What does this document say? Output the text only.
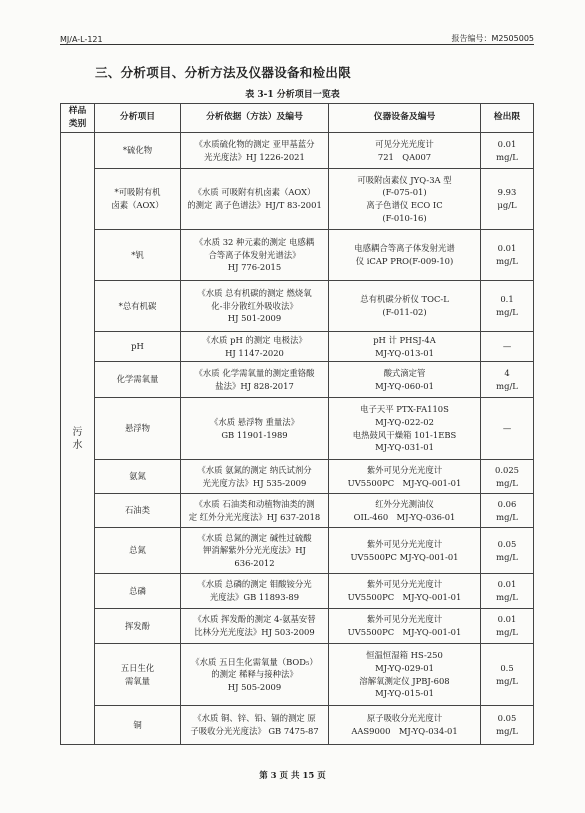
MJ/A-L-121	报告编号：M2505005
三、分析项目、分析方法及仪器设备和检出限
表 3-1 分析项目一览表
样品
类别	分析项目	分析依据（方法）及编号	仪器设备及编号	检出限

污
水	*硫化物	《水质硫化物的测定 亚甲基蓝分
光光度法》HJ 1226-2021	可见分光光度计
721　QA007	0.01
mg/L

	*可吸附有机
卤素（AOX）	《水质 可吸附有机卤素（AOX）
的测定 离子色谱法》HJ/T 83-2001	可吸附卤素仪 JYQ-3A 型
(F-075-01)
离子色谱仪 ECO IC
(F-010-16)	9.93
μg/L

	*钒	《水质 32 种元素的测定 电感耦
合等离子体发射光谱法》
HJ 776-2015	电感耦合等离子体发射光谱
仪 iCAP PRO(F-009-10)	0.01
mg/L

	*总有机碳	《水质 总有机碳的测定 燃烧氧
化-非分散红外吸收法》
HJ 501-2009	总有机碳分析仪 TOC-L
(F-011-02)	0.1
mg/L

	pH	《水质 pH 的测定 电极法》
HJ 1147-2020	pH 计 PHSJ-4A
MJ-YQ-013-01	—

	化学需氧量	《水质 化学需氧量的测定重铬酸
盐法》HJ 828-2017	酸式滴定管
MJ-YQ-060-01	4
mg/L

	悬浮物	《水质 悬浮物 重量法》
GB 11901-1989	电子天平 PTX-FA110S
MJ-YQ-022-02
电热鼓风干燥箱 101-1EBS
MJ-YQ-031-01	—

	氨氮	《水质 氨氮的测定 纳氏试剂分
光光度方法》HJ 535-2009	紫外可见分光光度计
UV5500PC　MJ-YQ-001-01	0.025
mg/L

	石油类	《水质 石油类和动植物油类的测
定 红外分光光度法》HJ 637-2018	红外分光测油仪
OIL-460　MJ-YQ-036-01	0.06
mg/L

	总氮	《水质 总氮的测定 碱性过硫酸
钾消解紫外分光光度法》HJ
636-2012	紫外可见分光光度计
UV5500PC MJ-YQ-001-01	0.05
mg/L

	总磷	《水质 总磷的测定 钼酸铵分光
光度法》GB 11893-89	紫外可见分光光度计
UV5500PC　MJ-YQ-001-01	0.01
mg/L

	挥发酚	《水质 挥发酚的测定 4-氨基安替
比林分光光度法》HJ 503-2009	紫外可见分光光度计
UV5500PC　MJ-YQ-001-01	0.01
mg/L

	五日生化
需氧量	《水质 五日生化需氧量（BOD₅）
的测定 稀释与接种法》
HJ 505-2009	恒温恒湿箱 HS-250
MJ-YQ-029-01
溶解氧测定仪 JPBJ-608
MJ-YQ-015-01	0.5
mg/L

	铜	《水质 铜、锌、铅、镉的测定 原
子吸收分光光度法》 GB 7475-87	原子吸收分光光度计
AAS9000　MJ-YQ-034-01	0.05
mg/L
第 3 页 共 15 页
